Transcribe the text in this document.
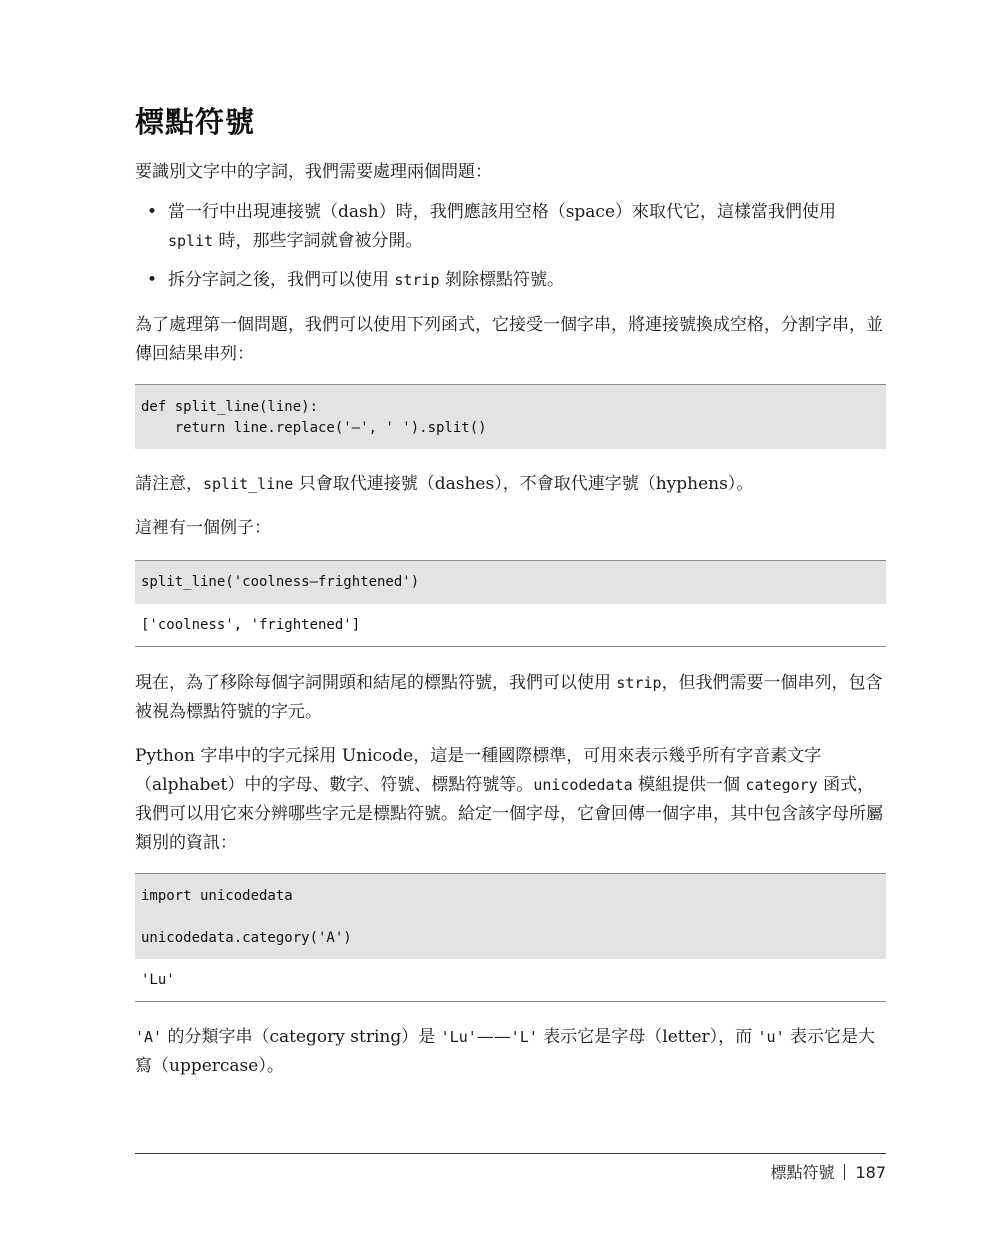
標點符號

要識別文字中的字詞，我們需要處理兩個問題：

• 當一行中出現連接號（dash）時，我們應該用空格（space）來取代它，這樣當我們使用 split 時，那些字詞就會被分開。
• 拆分字詞之後，我們可以使用 strip 剝除標點符號。

為了處理第一個問題，我們可以使用下列函式，它接受一個字串，將連接號換成空格，分割字串，並傳回結果串列：

def split_line(line):
return line.replace('—', ' ').split()

請注意，split_line 只會取代連接號（dashes），不會取代連字號（hyphens）。

這裡有一個例子：

split_line('coolness—frightened')
['coolness', 'frightened']

現在，為了移除每個字詞開頭和結尾的標點符號，我們可以使用 strip，但我們需要一個串列，包含被視為標點符號的字元。

Python 字串中的字元採用 Unicode，這是一種國際標準，可用來表示幾乎所有字音素文字（alphabet）中的字母、數字、符號、標點符號等。unicodedata 模組提供一個 category 函式，我們可以用它來分辨哪些字元是標點符號。給定一個字母，它會回傳一個字串，其中包含該字母所屬類別的資訊：

import unicodedata
unicodedata.category('A')
'Lu'

'A' 的分類字串（category string）是 'Lu'——'L' 表示它是字母（letter），而 'u' 表示它是大寫（uppercase）。

標點符號 187
